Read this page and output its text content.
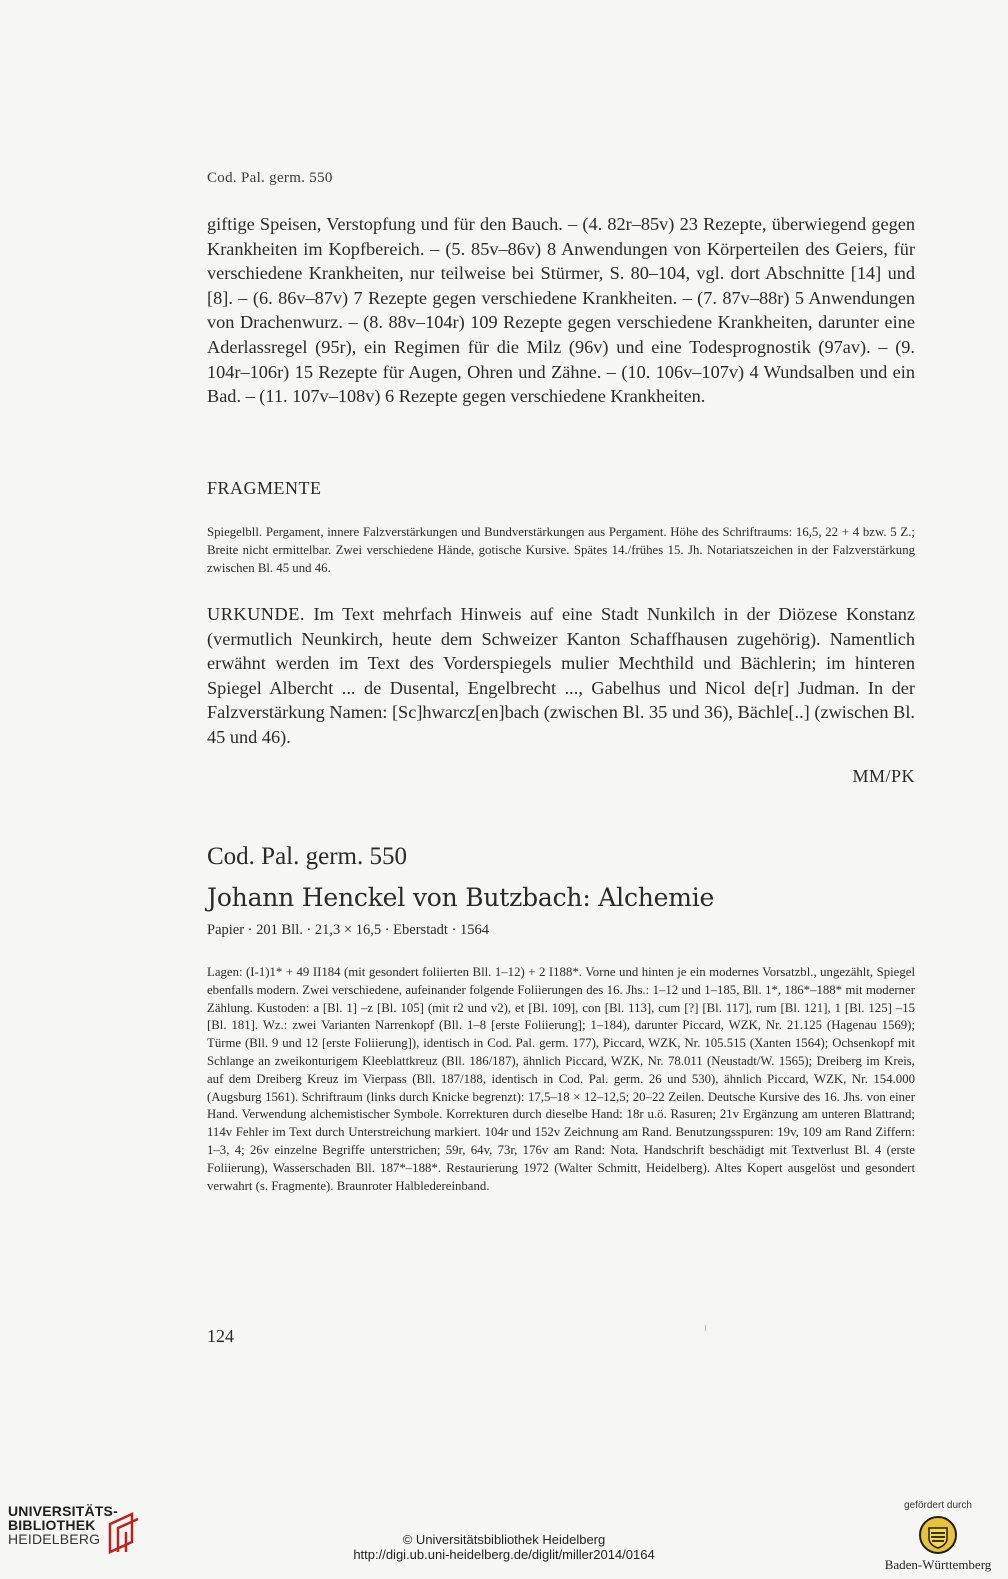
Cod. Pal. germ. 550
giftige Speisen, Verstopfung und für den Bauch. – (4. 82r–85v) 23 Rezepte, überwiegend gegen Krankheiten im Kopfbereich. – (5. 85v–86v) 8 Anwendungen von Körperteilen des Geiers, für verschiedene Krankheiten, nur teilweise bei Stürmer, S. 80–104, vgl. dort Abschnitte [14] und [8]. – (6. 86v–87v) 7 Rezepte gegen verschiedene Krankheiten. – (7. 87v–88r) 5 Anwendungen von Drachenwurz. – (8. 88v–104r) 109 Rezepte gegen verschiedene Krankheiten, darunter eine Aderlassregel (95r), ein Regimen für die Milz (96v) und eine Todesprognostik (97av). – (9. 104r–106r) 15 Rezepte für Augen, Ohren und Zähne. – (10. 106v–107v) 4 Wundsalben und ein Bad. – (11. 107v–108v) 6 Rezepte gegen verschiedene Krankheiten.
FRAGMENTE
Spiegelbll. Pergament, innere Falzverstärkungen und Bundverstärkungen aus Pergament. Höhe des Schriftraums: 16,5, 22 + 4 bzw. 5 Z.; Breite nicht ermittelbar. Zwei verschiedene Hände, gotische Kursive. Spätes 14./frühes 15. Jh. Notariatszeichen in der Falzverstärkung zwischen Bl. 45 und 46.
URKUNDE. Im Text mehrfach Hinweis auf eine Stadt Nunkilch in der Diözese Konstanz (vermutlich Neunkirch, heute dem Schweizer Kanton Schaffhausen zugehörig). Namentlich erwähnt werden im Text des Vorderspiegels mulier Mechthild und Bächlerin; im hinteren Spiegel Albercht ... de Dusental, Engelbrecht ..., Gabelhus und Nicol de[r] Judman. In der Falzverstärkung Namen: [Sc]hwarcz[en]bach (zwischen Bl. 35 und 36), Bächle[..] (zwischen Bl. 45 und 46).
MM/PK
Cod. Pal. germ. 550
Johann Henckel von Butzbach: Alchemie
Papier · 201 Bll. · 21,3 × 16,5 · Eberstadt · 1564
Lagen: (I-1)1* + 49 II184 (mit gesondert foliierten Bll. 1–12) + 2 I188*. Vorne und hinten je ein modernes Vorsatzbl., ungezählt, Spiegel ebenfalls modern. Zwei verschiedene, aufeinander folgende Foliierungen des 16. Jhs.: 1–12 und 1–185, Bll. 1*, 186*–188* mit moderner Zählung. Kustoden: a [Bl. 1] –z [Bl. 105] (mit r2 und v2), et [Bl. 109], con [Bl. 113], cum [?] [Bl. 117], rum [Bl. 121], 1 [Bl. 125] –15 [Bl. 181]. Wz.: zwei Varianten Narrenkopf (Bll. 1–8 [erste Foliierung]; 1–184), darunter Piccard, WZK, Nr. 21.125 (Hagenau 1569); Türme (Bll. 9 und 12 [erste Foliierung]), identisch in Cod. Pal. germ. 177), Piccard, WZK, Nr. 105.515 (Xanten 1564); Ochsenkopf mit Schlange an zweikonturigem Kleeblattkreuz (Bll. 186/187), ähnlich Piccard, WZK, Nr. 78.011 (Neustadt/W. 1565); Dreiberg im Kreis, auf dem Dreiberg Kreuz im Vierpass (Bll. 187/188, identisch in Cod. Pal. germ. 26 und 530), ähnlich Piccard, WZK, Nr. 154.000 (Augsburg 1561). Schriftraum (links durch Knicke begrenzt): 17,5–18 × 12–12,5; 20–22 Zeilen. Deutsche Kursive des 16. Jhs. von einer Hand. Verwendung alchemistischer Symbole. Korrekturen durch dieselbe Hand: 18r u.ö. Rasuren; 21v Ergänzung am unteren Blattrand; 114v Fehler im Text durch Unterstreichung markiert. 104r und 152v Zeichnung am Rand. Benutzungsspuren: 19v, 109 am Rand Ziffern: 1–3, 4; 26v einzelne Begriffe unterstrichen; 59r, 64v, 73r, 176v am Rand: Nota. Handschrift beschädigt mit Textverlust Bl. 4 (erste Foliierung), Wasserschaden Bll. 187*–188*. Restaurierung 1972 (Walter Schmitt, Heidelberg). Altes Kopert ausgelöst und gesondert verwahrt (s. Fragmente). Braunroter Halbledereinband.
124
UNIVERSITÄTS-
BIBLIOTHEK
HEIDELBERG	© Universitätsbibliothek Heidelberg
http://digi.ub.uni-heidelberg.de/diglit/miller2014/0164
gefördert durch
Baden-Württemberg
